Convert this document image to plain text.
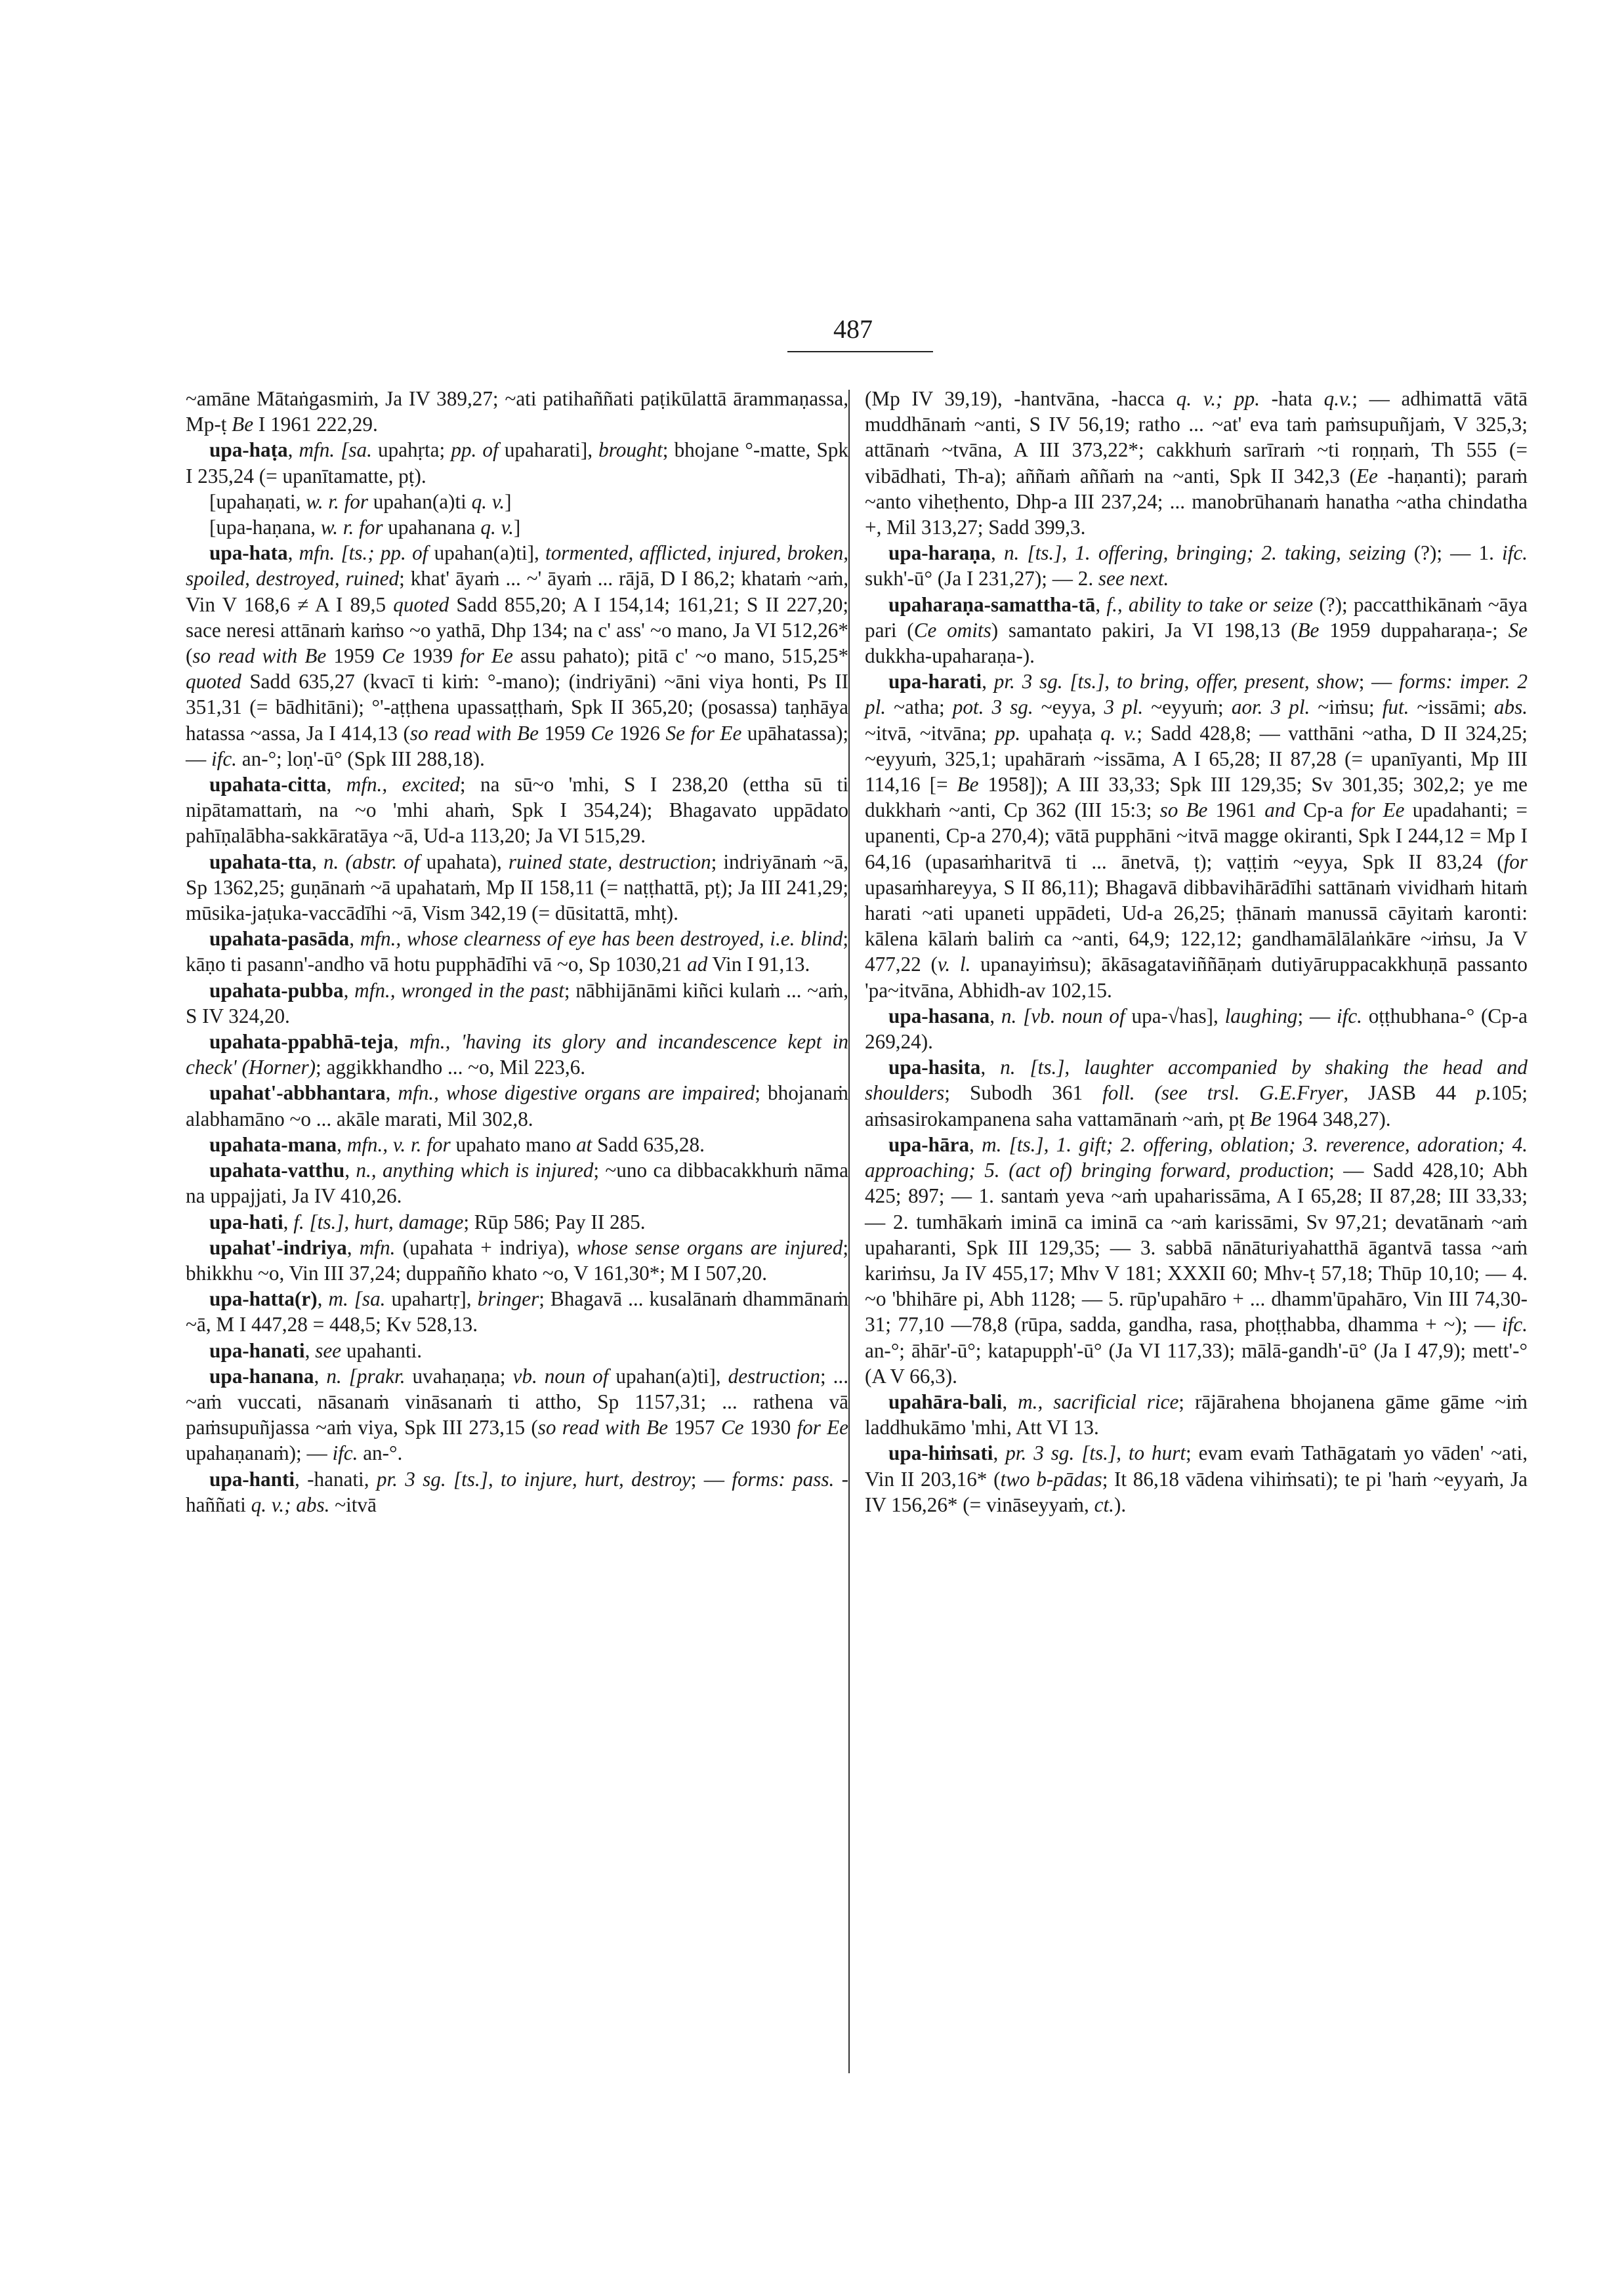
487

~amāne Mātaṅgasmiṁ, Ja IV 389,27; ~ati patihaññati paṭikūlattā ārammaṇassa, Mp-ṭ Be I 1961 222,29.

upa-haṭa, mfn. [sa. upahṛta; pp. of upaharati], brought; bhojane °-matte, Spk I 235,24 (= upanītamatte, pṭ).

[upahaṇati, w. r. for upahan(a)ti q. v.]

[upa-haṇana, w. r. for upahanana q. v.]

upa-hata, mfn. [ts.; pp. of upahan(a)ti], tormented, afflicted, injured, broken, spoiled, destroyed, ruined; khat' āyaṁ ... ~' āyaṁ ... rājā, D I 86,2; khataṁ ~aṁ, Vin V 168,6 ≠ A I 89,5 quoted Sadd 855,20; A I 154,14; 161,21; S II 227,20; sace neresi attānaṁ kaṁso ~o yathā, Dhp 134; na c' ass' ~o mano, Ja VI 512,26* (so read with Be 1959 Ce 1939 for Ee assu pahato); pitā c' ~o mano, 515,25* quoted Sadd 635,27 (kvacī ti kiṁ: °-mano); (indriyāni) ~āni viya honti, Ps II 351,31 (= bādhitāni); °'-aṭṭhena upassaṭṭhaṁ, Spk II 365,20; (posassa) taṇhāya hatassa ~assa, Ja I 414,13 (so read with Be 1959 Ce 1926 Se for Ee upāhatassa); — ifc. an-°; loṇ'-ū° (Spk III 288,18).

upahata-citta, mfn., excited; na sū~o 'mhi, S I 238,20 (ettha sū ti nipātamattaṁ, na ~o 'mhi ahaṁ, Spk I 354,24); Bhagavato uppādato pahīṇalābha-sakkāratāya ~ā, Ud-a 113,20; Ja VI 515,29.

upahata-tta, n. (abstr. of upahata), ruined state, destruction; indriyānaṁ ~ā, Sp 1362,25; guṇānaṁ ~ā upahataṁ, Mp II 158,11 (= naṭṭhattā, pṭ); Ja III 241,29; mūsika-jaṭuka-vaccādīhi ~ā, Vism 342,19 (= dūsitattā, mhṭ).

upahata-pasāda, mfn., whose clearness of eye has been destroyed, i.e. blind; kāṇo ti pasann'-andho vā hotu pupphādīhi vā ~o, Sp 1030,21 ad Vin I 91,13.

upahata-pubba, mfn., wronged in the past; nābhijānāmi kiñci kulaṁ ... ~aṁ, S IV 324,20.

upahata-ppabhā-teja, mfn., 'having its glory and incandescence kept in check' (Horner); aggikkhandho ... ~o, Mil 223,6.

upahat'-abbhantara, mfn., whose digestive organs are impaired; bhojanaṁ alabhamāno ~o ... akāle marati, Mil 302,8.

upahata-mana, mfn., v. r. for upahato mano at Sadd 635,28.

upahata-vatthu, n., anything which is injured; ~uno ca dibbacakkhuṁ nāma na uppajjati, Ja IV 410,26.

upa-hati, f. [ts.], hurt, damage; Rūp 586; Pay II 285.

upahat'-indriya, mfn. (upahata + indriya), whose sense organs are injured; bhikkhu ~o, Vin III 37,24; duppañño khato ~o, V 161,30*; M I 507,20.

upa-hatta(r), m. [sa. upahartṛ], bringer; Bhagavā ... kusalānaṁ dhammānaṁ ~ā, M I 447,28 = 448,5; Kv 528,13.

upa-hanati, see upahanti.

upa-hanana, n. [prakr. uvahaṇaṇa; vb. noun of upahan(a)ti], destruction; ... ~aṁ vuccati, nāsanaṁ vināsanaṁ ti attho, Sp 1157,31; ... rathena vā paṁsupuñjassa ~aṁ viya, Spk III 273,15 (so read with Be 1957 Ce 1930 for Ee upahaṇanaṁ); — ifc. an-°.

upa-hanti, -hanati, pr. 3 sg. [ts.], to injure, hurt, destroy; — forms: pass. -haññati q. v.; abs. ~itvā

(Mp IV 39,19), -hantvāna, -hacca q. v.; pp. -hata q.v.; — adhimattā vātā muddhānaṁ ~anti, S IV 56,19; ratho ... ~at' eva taṁ paṁsupuñjaṁ, V 325,3; attānaṁ ~tvāna, A III 373,22*; cakkhuṁ sarīraṁ ~ti roṇṇaṁ, Th 555 (= vibādhati, Th-a); aññaṁ aññaṁ na ~anti, Spk II 342,3 (Ee -haṇanti); paraṁ ~anto viheṭhento, Dhp-a III 237,24; ... manobrūhanaṁ hanatha ~atha chindatha +, Mil 313,27; Sadd 399,3.

upa-haraṇa, n. [ts.], 1. offering, bringing; 2. taking, seizing (?); — 1. ifc. sukh'-ū° (Ja I 231,27); — 2. see next.

upaharaṇa-samattha-tā, f., ability to take or seize (?); paccatthikānaṁ ~āya pari (Ce omits) samantato pakiri, Ja VI 198,13 (Be 1959 duppaharaṇa-; Se dukkha-upaharaṇa-).

upa-harati, pr. 3 sg. [ts.], to bring, offer, present, show; — forms: imper. 2 pl. ~atha; pot. 3 sg. ~eyya, 3 pl. ~eyyuṁ; aor. 3 pl. ~iṁsu; fut. ~issāmi; abs. ~itvā, ~itvāna; pp. upahaṭa q. v.; Sadd 428,8; — vatthāni ~atha, D II 324,25; ~eyyuṁ, 325,1; upahāraṁ ~issāma, A I 65,28; II 87,28 (= upanīyanti, Mp III 114,16 [= Be 1958]); A III 33,33; Spk III 129,35; Sv 301,35; 302,2; ye me dukkhaṁ ~anti, Cp 362 (III 15:3; so Be 1961 and Cp-a for Ee upadahanti; = upanenti, Cp-a 270,4); vātā pupphāni ~itvā magge okiranti, Spk I 244,12 = Mp I 64,16 (upasaṁharitvā ti ... ānetvā, ṭ); vaṭṭiṁ ~eyya, Spk II 83,24 (for upasaṁhareyya, S II 86,11); Bhagavā dibbavihārādīhi sattānaṁ vividhaṁ hitaṁ harati ~ati upaneti uppādeti, Ud-a 26,25; ṭhānaṁ manussā cāyitaṁ karonti: kālena kālaṁ baliṁ ca ~anti, 64,9; 122,12; gandhamālālaṅkāre ~iṁsu, Ja V 477,22 (v. l. upanayiṁsu); ākāsagataviññāṇaṁ dutiyāruppacakkhuṇā passanto 'pa~itvāna, Abhidh-av 102,15.

upa-hasana, n. [vb. noun of upa-√has], laughing; — ifc. oṭṭhubhana-° (Cp-a 269,24).

upa-hasita, n. [ts.], laughter accompanied by shaking the head and shoulders; Subodh 361 foll. (see trsl. G.E.Fryer, JASB 44 p.105; aṁsasirokampanena saha vattamānaṁ ~aṁ, pṭ Be 1964 348,27).

upa-hāra, m. [ts.], 1. gift; 2. offering, oblation; 3. reverence, adoration; 4. approaching; 5. (act of) bringing forward, production; — Sadd 428,10; Abh 425; 897; — 1. santaṁ yeva ~aṁ upaharissāma, A I 65,28; II 87,28; III 33,33; — 2. tumhākaṁ iminā ca iminā ca ~aṁ karissāmi, Sv 97,21; devatānaṁ ~aṁ upaharanti, Spk III 129,35; — 3. sabbā nānāturiyahatthā āgantvā tassa ~aṁ kariṁsu, Ja IV 455,17; Mhv V 181; XXXII 60; Mhv-ṭ 57,18; Thūp 10,10; — 4. ~o 'bhihāre pi, Abh 1128; — 5. rūp'upahāro + ... dhamm'ūpahāro, Vin III 74,30-31; 77,10 —78,8 (rūpa, sadda, gandha, rasa, phoṭṭhabba, dhamma + ~); — ifc. an-°; āhār'-ū°; katapupph'-ū° (Ja VI 117,33); mālā-gandh'-ū° (Ja I 47,9); mett'-° (A V 66,3).

upahāra-bali, m., sacrificial rice; rājārahena bhojanena gāme gāme ~iṁ laddhukāmo 'mhi, Att VI 13.

upa-hiṁsati, pr. 3 sg. [ts.], to hurt; evam evaṁ Tathāgataṁ yo vāden' ~ati, Vin II 203,16* (two b-pādas; It 86,18 vādena vihiṁsati); te pi 'haṁ ~eyyaṁ, Ja IV 156,26* (= vināseyyaṁ, ct.).
